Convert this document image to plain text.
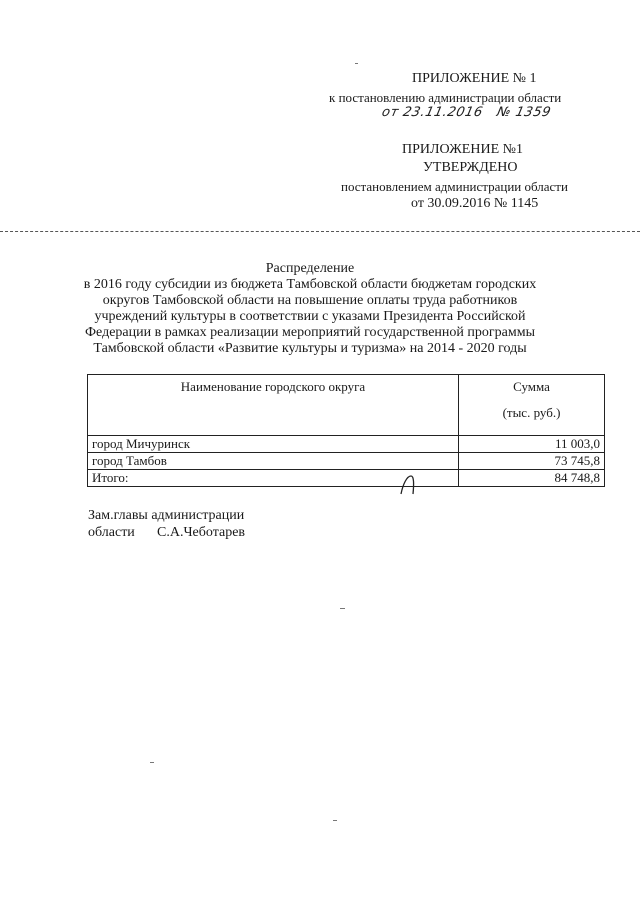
ПРИЛОЖЕНИЕ № 1
к постановлению администрации области
от 23.11.2016 № 1359
ПРИЛОЖЕНИЕ №1
УТВЕРЖДЕНО
постановлением администрации области
от 30.09.2016 № 1145
Распределение
в 2016 году субсидии из бюджета Тамбовской области бюджетам городских
округов Тамбовской области на повышение оплаты труда работников
учреждений культуры в соответствии с указами Президента Российской
Федерации в рамках реализации мероприятий государственной программы
Тамбовской области «Развитие культуры и туризма» на 2014 - 2020 годы
Наименование городского округа	Сумма
(тыс. руб.)

город Мичуринск	11 003,0
город Тамбов	73 745,8
Итого:	84 748,8
Зам.главы администрации
области С.А.Чеботарев
